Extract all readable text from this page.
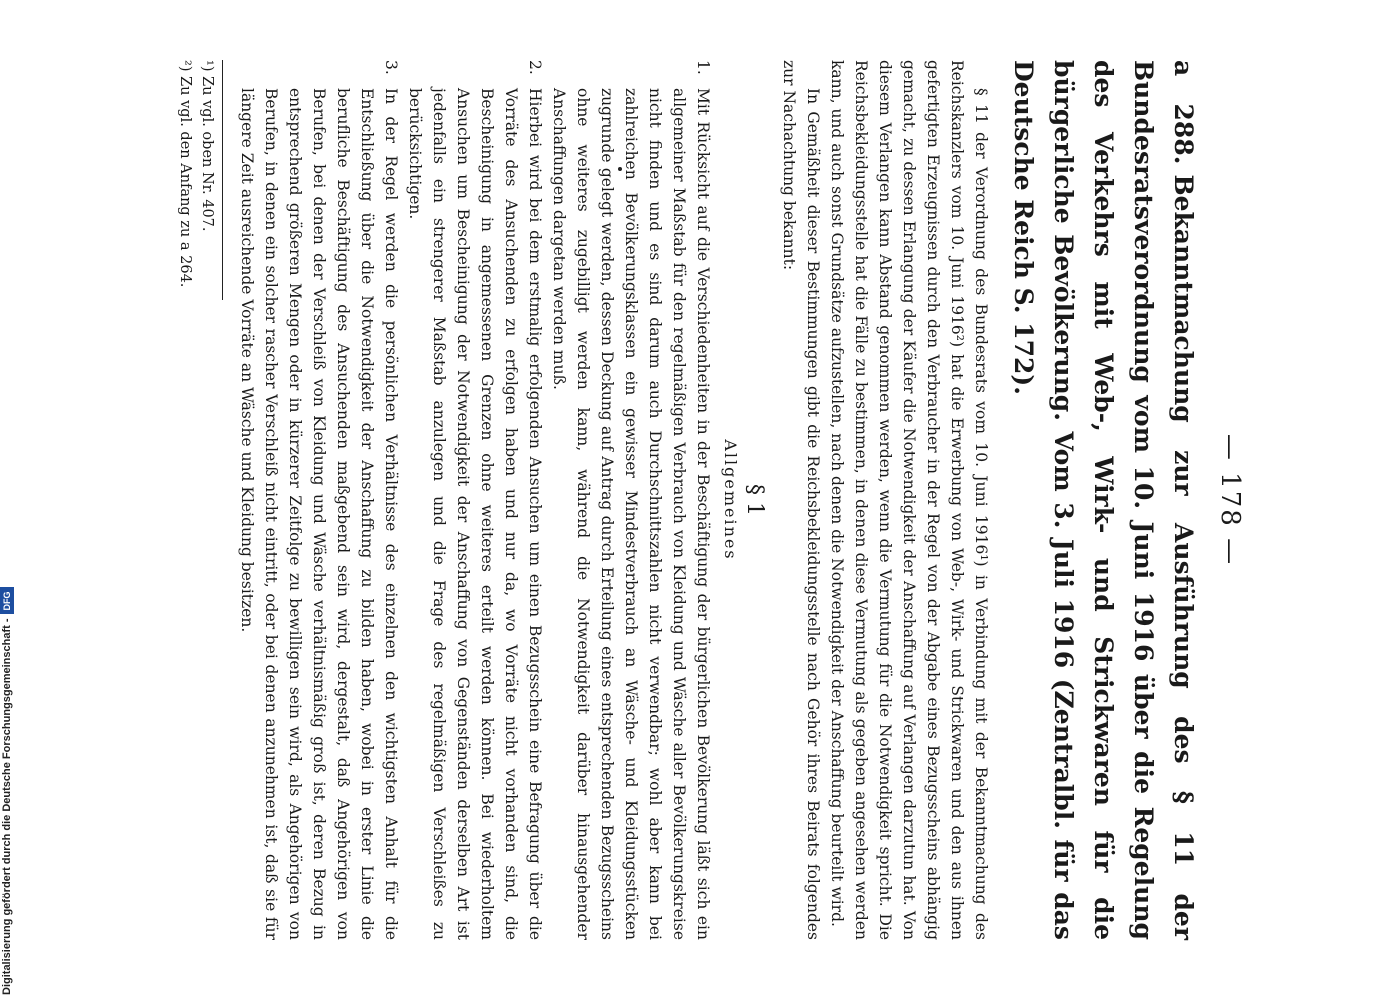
— 178 —
a 288.Bekanntmachung zur Ausführung des § 11 der Bundesratsverordnung vom 10. Juni 1916 über die Regelung des Verkehrs mit Web-, Wirk- und Strickwaren für die bürgerliche Bevölkerung. Vom 3. Juli 1916 (Zentralbl. für das Deutsche Reich S. 172).

§ 11 der Verordnung des Bundesrats vom 10. Juni 1916¹) in Verbindung mit der Bekanntmachung des Reichskanzlers vom 10. Juni 1916²) hat die Erwerbung von Web-, Wirk- und Strickwaren und den aus ihnen gefertigten Erzeugnissen durch den Verbraucher in der Regel von der Abgabe eines Bezugsscheins abhängig gemacht, zu dessen Erlangung der Käufer die Notwendigkeit der Anschaffung auf Verlangen darzutun hat. Von diesem Verlangen kann Abstand genommen werden, wenn die Vermutung für die Notwendigkeit spricht. Die Reichsbekleidungsstelle hat die Fälle zu bestimmen, in denen diese Vermutung als gegeben angesehen werden kann, und auch sonst Grundsätze aufzustellen, nach denen die Notwendigkeit der Anschaffung beurteilt wird.

In Gemäßheit dieser Bestimmungen gibt die Reichsbekleidungsstelle nach Gehör ihres Beirats folgendes zur Nachachtung bekannt:

§ 1
Allgemeines
1.
Mit Rücksicht auf die Verschiedenheiten in der Beschäftigung der bürgerlichen Bevölkerung läßt sich ein allgemeiner Maßstab für den regelmäßigen Verbrauch von Kleidung und Wäsche aller Bevölkerungskreise nicht finden und es sind darum auch Durchschnittszahlen nicht verwendbar; wohl aber kann bei zahlreichen Bevölkerungsklassen ein gewisser Mindestverbrauch an Wäsche- und Kleidungsstücken zugrunde gelegt werden, dessen Deckung auf Antrag durch Erteilung eines entsprechenden Bezugsscheins ohne weiteres zugebilligt werden kann, während die Notwendigkeit darüber hinausgehender Anschaffungen dargetan werden muß.
2.
Hierbei wird bei dem erstmalig erfolgenden Ansuchen um einen Bezugsschein eine Befragung über die Vorräte des Ansuchenden zu erfolgen haben und nur da, wo Vorräte nicht vorhanden sind, die Bescheinigung in angemessenen Grenzen ohne weiteres erteilt werden können. Bei wiederholtem Ansuchen um Bescheinigung der Notwendigkeit der Anschaffung von Gegenständen derselben Art ist jedenfalls ein strengerer Maßstab anzulegen und die Frage des regelmäßigen Verschleißes zu berücksichtigen.
3.
In der Regel werden die persönlichen Verhältnisse des einzelnen den wichtigsten Anhalt für die Entschließung über die Notwendigkeit der Anschaffung zu bilden haben, wobei in erster Linie die berufliche Beschäftigung des Ansuchenden maßgebend sein wird, dergestalt, daß Angehörigen von Berufen, bei denen der Verschleiß von Kleidung und Wäsche verhältnismäßig groß ist, deren Bezug in entsprechend größeren Mengen oder in kürzerer Zeitfolge zu bewilligen sein wird, als Angehörigen von Berufen, in denen ein solcher rascher Verschleiß nicht eintritt, oder bei denen anzunehmen ist, daß sie für längere Zeit ausreichende Vorräte an Wäsche und Kleidung besitzen.

¹) Zu vgl. oben Nr. 407.

²) Zu vgl. den Anfang zu a 264.

Digitalisierung gefördert durch die Deutsche Forschungsgemeinschaft -
DFG
